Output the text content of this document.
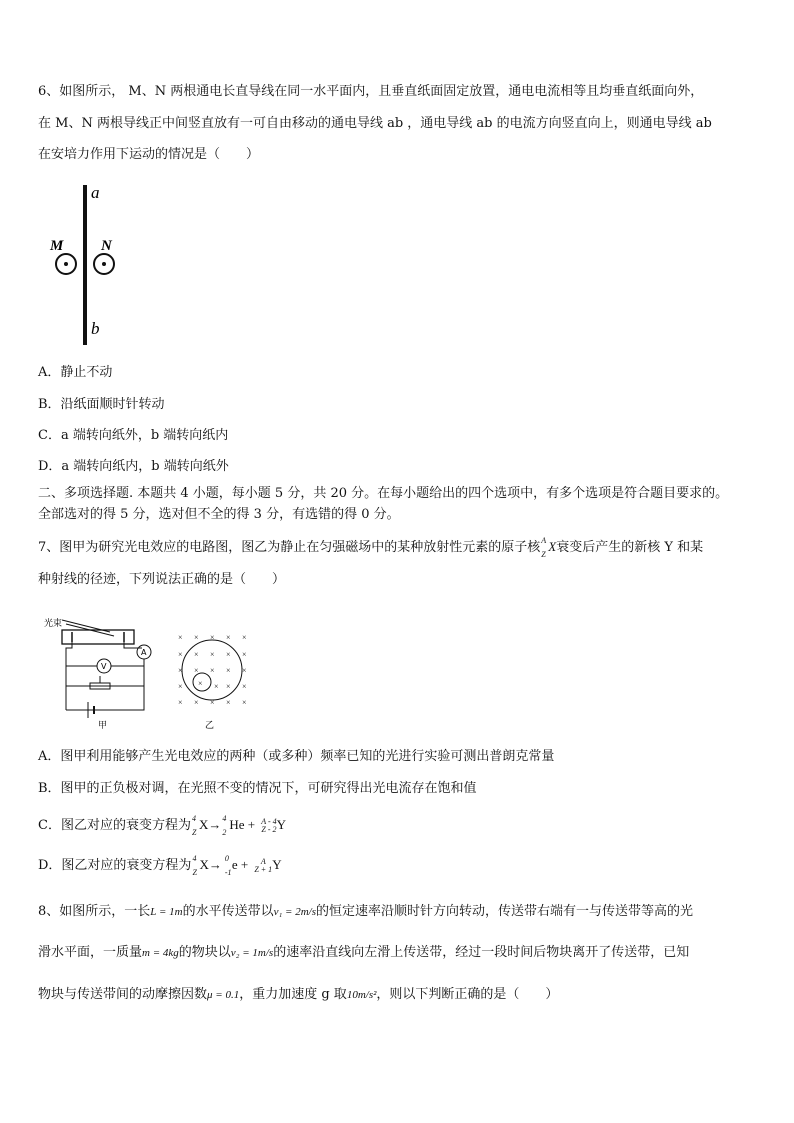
6、如图所示， M、N 两根通电长直导线在同一水平面内，且垂直纸面固定放置，通电电流相等且均垂直纸面向外，
在 M、N 两根导线正中间竖直放有一可自由移动的通电导线 ab ，通电导线 ab 的电流方向竖直向上，则通电导线 ab
在安培力作用下运动的情况是（　　）
a
b
M	N
A．静止不动
B．沿纸面顺时针转动
C．a 端转向纸外，b 端转向纸内
D．a 端转向纸内，b 端转向纸外
二、多项选择题. 本题共 4 小题，每小题 5 分，共 20 分。在每小题给出的四个选项中，有多个选项是符合题目要求的。
全部选对的得 5 分，选对但不全的得 3 分，有选错的得 0 分。
7、图甲为研究光电效应的电路图，图乙为静止在匀强磁场中的某种放射性元素的原子核 A
Z
X衰变后产生的新核 Y 和某
种射线的径迹，下列说法正确的是（　　）
光束
A
V
甲
× × × × ×
× × × × ×
× × × × ×
× × × × ×
× × × × ×
乙
A．图甲利用能够产生光电效应的两种（或多种）频率已知的光进行实验可测出普朗克常量
B．图甲的正负极对调，在光照不变的情况下，可研究得出光电流存在饱和值
C．图乙对应的衰变方程为 4
Z
X→ 4
2
He + A - 4
Z - 2Y
D．图乙对应的衰变方程为 4
Z
X→ 0
-1
e + A
Z + 1Y
8、如图所示，一长L = 1m的水平传送带以v₁ = 2m/s的恒定速率沿顺时针方向转动，传送带右端有一与传送带等高的光
滑水平面，一质量m = 4kg的物块以v₂ = 1m/s的速率沿直线向左滑上传送带，经过一段时间后物块离开了传送带，已知
物块与传送带间的动摩擦因数μ = 0.1，重力加速度 g 取10m/s²，则以下判断正确的是（　　）
